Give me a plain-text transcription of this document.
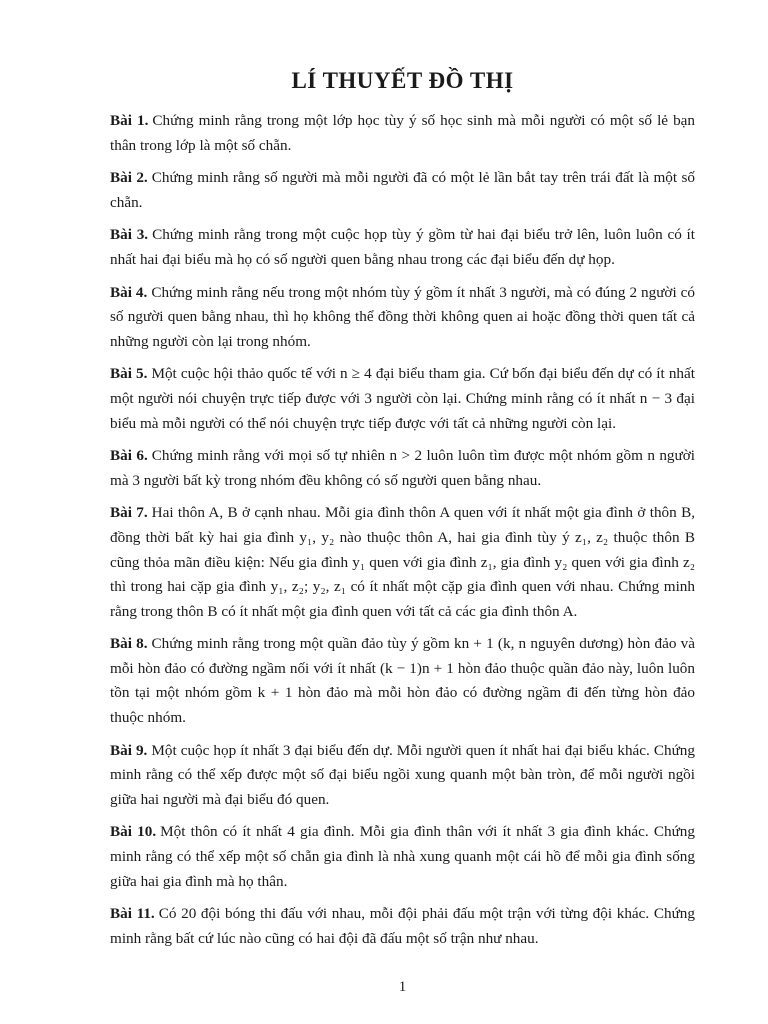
LÍ THUYẾT ĐỒ THỊ

Bài 1. Chứng minh rằng trong một lớp học tùy ý số học sinh mà mỗi người có một số lẻ bạn thân trong lớp là một số chẵn.

Bài 2. Chứng minh rằng số người mà mỗi người đã có một lẻ lần bắt tay trên trái đất là một số chẵn.

Bài 3. Chứng minh rằng trong một cuộc họp tùy ý gồm từ hai đại biểu trở lên, luôn luôn có ít nhất hai đại biểu mà họ có số người quen bằng nhau trong các đại biểu đến dự họp.

Bài 4. Chứng minh rằng nếu trong một nhóm tùy ý gồm ít nhất 3 người, mà có đúng 2 người có số người quen bằng nhau, thì họ không thể đồng thời không quen ai hoặc đồng thời quen tất cả những người còn lại trong nhóm.

Bài 5. Một cuộc hội thảo quốc tế với n ≥ 4 đại biểu tham gia. Cứ bốn đại biểu đến dự có ít nhất một người nói chuyện trực tiếp được với 3 người còn lại. Chứng minh rằng có ít nhất n − 3 đại biểu mà mỗi người có thể nói chuyện trực tiếp được với tất cả những người còn lại.

Bài 6. Chứng minh rằng với mọi số tự nhiên n > 2 luôn luôn tìm được một nhóm gồm n người mà 3 người bất kỳ trong nhóm đều không có số người quen bằng nhau.

Bài 7. Hai thôn A, B ở cạnh nhau. Mỗi gia đình thôn A quen với ít nhất một gia đình ở thôn B, đồng thời bất kỳ hai gia đình y₁, y₂ nào thuộc thôn A, hai gia đình tùy ý z₁, z₂ thuộc thôn B cũng thỏa mãn điều kiện: Nếu gia đình y₁ quen với gia đình z₁, gia đình y₂ quen với gia đình z₂ thì trong hai cặp gia đình y₁, z₂; y₂, z₁ có ít nhất một cặp gia đình quen với nhau. Chứng minh rằng trong thôn B có ít nhất một gia đình quen với tất cả các gia đình thôn A.

Bài 8. Chứng minh rằng trong một quần đảo tùy ý gồm kn + 1 (k, n nguyên dương) hòn đảo và mỗi hòn đảo có đường ngầm nối với ít nhất (k − 1)n + 1 hòn đảo thuộc quần đảo này, luôn luôn tồn tại một nhóm gồm k + 1 hòn đảo mà mỗi hòn đảo có đường ngầm đi đến từng hòn đảo thuộc nhóm.

Bài 9. Một cuộc họp ít nhất 3 đại biểu đến dự. Mỗi người quen ít nhất hai đại biểu khác. Chứng minh rằng có thể xếp được một số đại biểu ngồi xung quanh một bàn tròn, để mỗi người ngồi giữa hai người mà đại biểu đó quen.

Bài 10. Một thôn có ít nhất 4 gia đình. Mỗi gia đình thân với ít nhất 3 gia đình khác. Chứng minh rằng có thể xếp một số chẵn gia đình là nhà xung quanh một cái hồ để mỗi gia đình sống giữa hai gia đình mà họ thân.

Bài 11. Có 20 đội bóng thi đấu với nhau, mỗi đội phải đấu một trận với từng đội khác. Chứng minh rằng bất cứ lúc nào cũng có hai đội đã đấu một số trận như nhau.

1
